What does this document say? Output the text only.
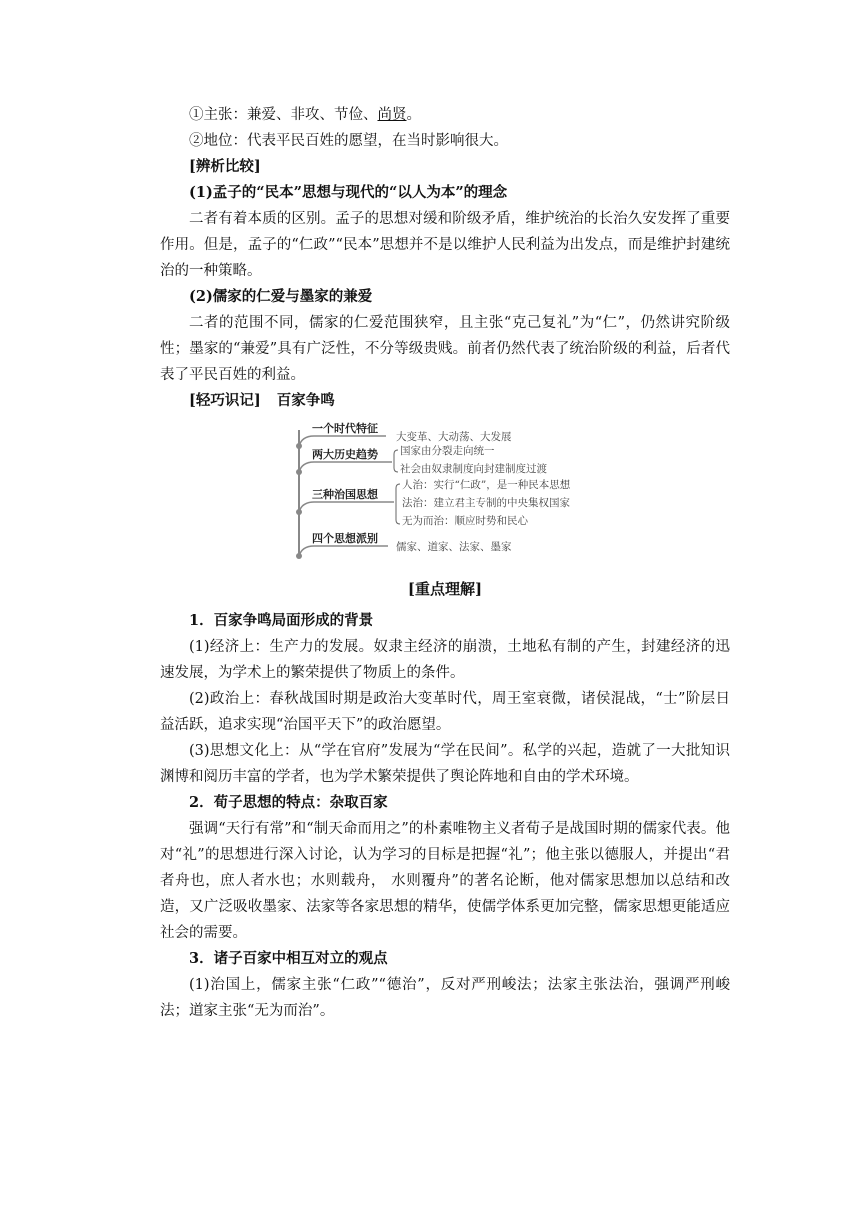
①主张：兼爱、非攻、节俭、尚贤。

②地位：代表平民百姓的愿望，在当时影响很大。

[辨析比较]

(1)孟子的“民本”思想与现代的“以人为本”的理念

二者有着本质的区别。孟子的思想对缓和阶级矛盾，维护统治的长治久安发挥了重要作用。但是，孟子的“仁政”“民本”思想并不是以维护人民利益为出发点，而是维护封建统治的一种策略。

(2)儒家的仁爱与墨家的兼爱

二者的范围不同，儒家的仁爱范围狭窄，且主张“克己复礼”为“仁”，仍然讲究阶级性；墨家的“兼爱”具有广泛性，不分等级贵贱。前者仍然代表了统治阶级的利益，后者代表了平民百姓的利益。

[轻巧识记] 百家争鸣

一个时代特征
大变革、大动荡、大发展
两大历史趋势 国家由分裂走向统一
社会由奴隶制度向封建制度过渡
三种治国思想
人治：实行“仁政”，是一种民本思想
法治：建立君主专制的中央集权国家
无为而治：顺应时势和民心
四个思想派别
儒家、道家、法家、墨家

[重点理解]

1．百家争鸣局面形成的背景

(1)经济上：生产力的发展。奴隶主经济的崩溃，土地私有制的产生，封建经济的迅速发展，为学术上的繁荣提供了物质上的条件。

(2)政治上：春秋战国时期是政治大变革时代，周王室衰微，诸侯混战，“士”阶层日益活跃，追求实现“治国平天下”的政治愿望。

(3)思想文化上：从“学在官府”发展为“学在民间”。私学的兴起，造就了一大批知识渊博和阅历丰富的学者，也为学术繁荣提供了舆论阵地和自由的学术环境。

2．荀子思想的特点：杂取百家

强调“天行有常”和“制天命而用之”的朴素唯物主义者荀子是战国时期的儒家代表。他对“礼”的思想进行深入讨论，认为学习的目标是把握“礼”；他主张以德服人，并提出“君者舟也，庶人者水也；水则载舟， 水则覆舟”的著名论断，他对儒家思想加以总结和改造，又广泛吸收墨家、法家等各家思想的精华，使儒学体系更加完整，儒家思想更能适应社会的需要。

3．诸子百家中相互对立的观点

(1)治国上，儒家主张“仁政”“德治”，反对严刑峻法；法家主张法治，强调严刑峻法；道家主张“无为而治”。
